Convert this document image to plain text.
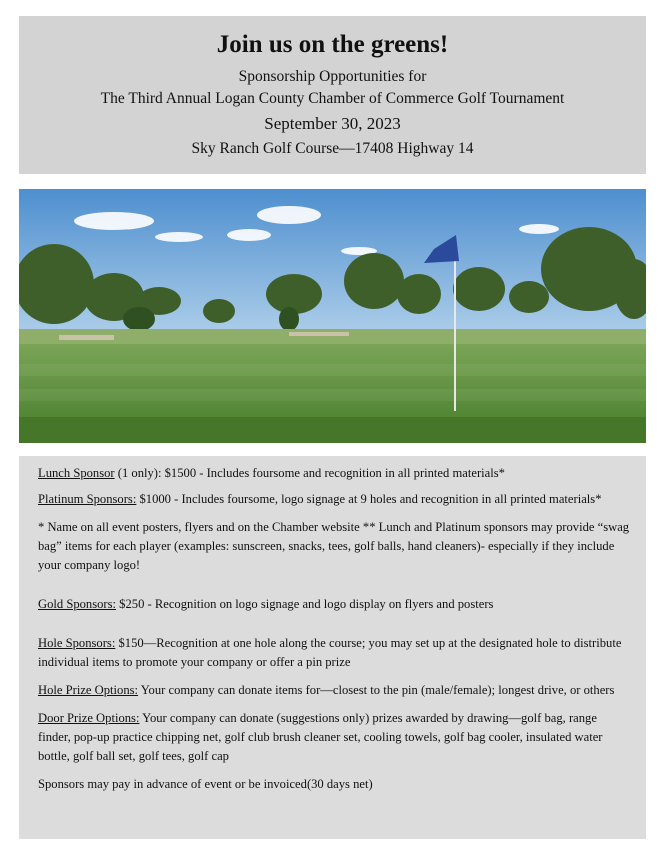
Join us on the greens!
Sponsorship Opportunities for
The Third Annual Logan County Chamber of Commerce Golf Tournament
September 30, 2023
Sky Ranch Golf Course—17408 Highway 14

Lunch Sponsor (1 only): $1500 - Includes foursome and recognition in all printed materials*

Platinum Sponsors: $1000 - Includes foursome, logo signage at 9 holes and recognition in all printed materials*

* Name on all event posters, flyers and on the Chamber website ** Lunch and Platinum sponsors may provide “swag bag” items for each player (examples: sunscreen, snacks, tees, golf balls, hand cleaners)- especially if they include your company logo!

Gold Sponsors: $250 - Recognition on logo signage and logo display on flyers and posters

Hole Sponsors: $150—Recognition at one hole along the course; you may set up at the designated hole to distribute individual items to promote your company or offer a pin prize

Hole Prize Options: Your company can donate items for—closest to the pin (male/female); longest drive, or others

Door Prize Options: Your company can donate (suggestions only) prizes awarded by drawing—golf bag, range finder, pop-up practice chipping net, golf club brush cleaner set, cooling towels, golf bag cooler, insulated water bottle, golf ball set, golf tees, golf cap

Sponsors may pay in advance of event or be invoiced(30 days net)
